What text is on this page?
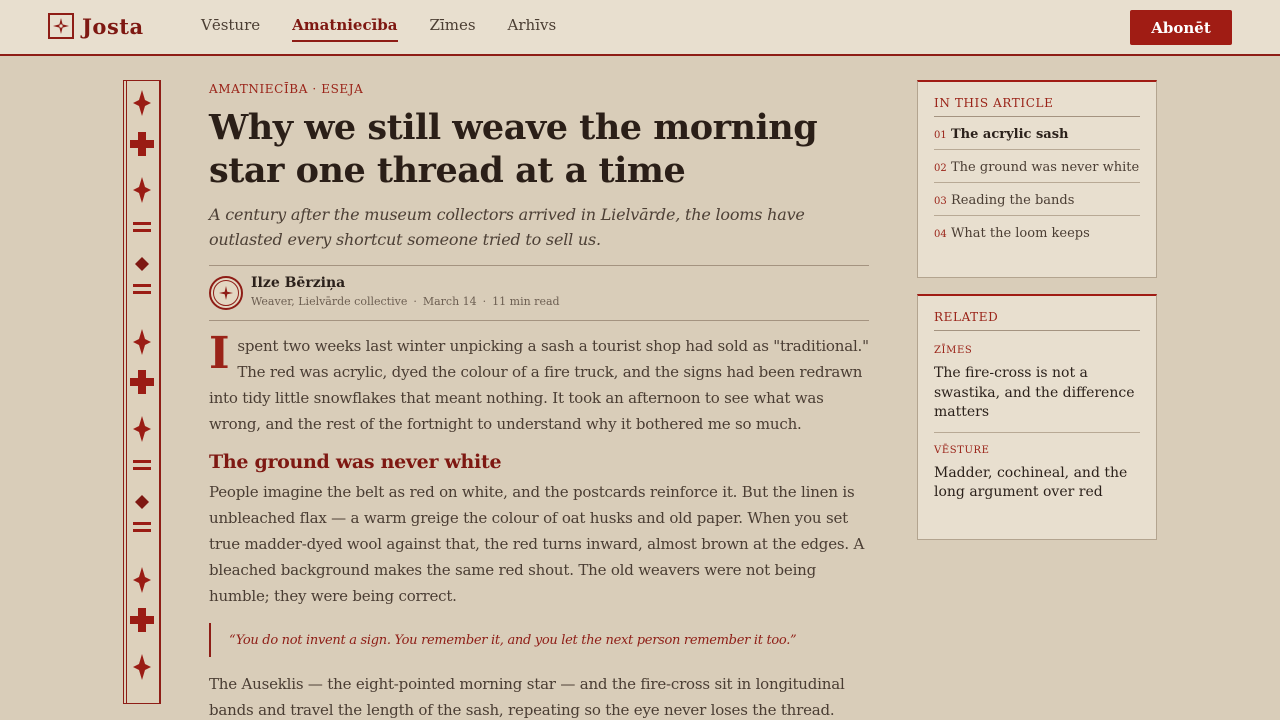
Josta	Vēsture Amatniecība Zīmes Arhīvs	Abonēt
AMATNIECĪBA · ESEJA
Why we still weave the morning star one thread at a time

A century after the museum collectors arrived in Lielvārde, the looms have outlasted every shortcut someone tried to sell us.

Ilze Bērziņa
Weaver, Lielvārde collective · March 14 · 11 min read

Ispent two weeks last winter unpicking a sash a tourist shop had sold as "traditional." The red was acrylic, dyed the colour of a fire truck, and the signs had been redrawn into tidy little snowflakes that meant nothing. It took an afternoon to see what was wrong, and the rest of the fortnight to understand why it bothered me so much.

The ground was never white

People imagine the belt as red on white, and the postcards reinforce it. But the linen is unbleached flax — a warm greige the colour of oat husks and old paper. When you set true madder-dyed wool against that, the red turns inward, almost brown at the edges. A bleached background makes the same red shout. The old weavers were not being humble; they were being correct.

“You do not invent a sign. You remember it, and you let the next person remember it too.”

The Auseklis — the eight-pointed morning star — and the fire-cross sit in longitudinal bands and travel the length of the sash, repeating so the eye never loses the thread.

IN THIS ARTICLE
01 The acrylic sash
02 The ground was never white
03 Reading the bands
04 What the loom keeps
RELATED
ZĪMES
The fire-cross is not a swastika, and the difference matters
VĒSTURE
Madder, cochineal, and the long argument over red
